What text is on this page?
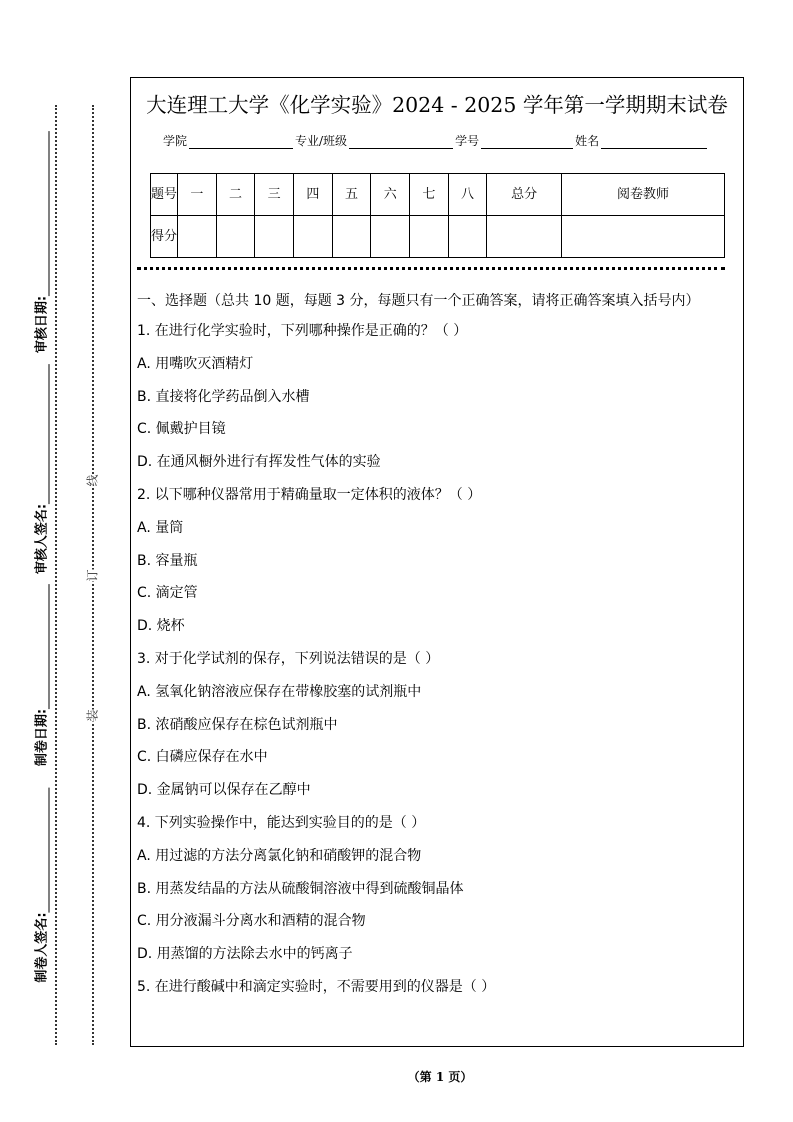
线
订
装
审核日期:
审核人签名:
制卷日期:
制卷人签名:
大连理工大学《化学实验》2024 - 2025 学年第一学期期末试卷
学院	专业/班级	学号	姓名
题号	一	二	三	四	五	六	七	八	总分	阅卷教师
得分										
一、选择题（总共 10 题，每题 3 分，每题只有一个正确答案，请将正确答案填入括号内）
1. 在进行化学实验时，下列哪种操作是正确的？（ ）
A. 用嘴吹灭酒精灯
B. 直接将化学药品倒入水槽
C. 佩戴护目镜
D. 在通风橱外进行有挥发性气体的实验
2. 以下哪种仪器常用于精确量取一定体积的液体？（ ）
A. 量筒
B. 容量瓶
C. 滴定管
D. 烧杯
3. 对于化学试剂的保存，下列说法错误的是（ ）
A. 氢氧化钠溶液应保存在带橡胶塞的试剂瓶中
B. 浓硝酸应保存在棕色试剂瓶中
C. 白磷应保存在水中
D. 金属钠可以保存在乙醇中
4. 下列实验操作中，能达到实验目的的是（ ）
A. 用过滤的方法分离氯化钠和硝酸钾的混合物
B. 用蒸发结晶的方法从硫酸铜溶液中得到硫酸铜晶体
C. 用分液漏斗分离水和酒精的混合物
D. 用蒸馏的方法除去水中的钙离子
5. 在进行酸碱中和滴定实验时，不需要用到的仪器是（ ）
（第 1 页）
